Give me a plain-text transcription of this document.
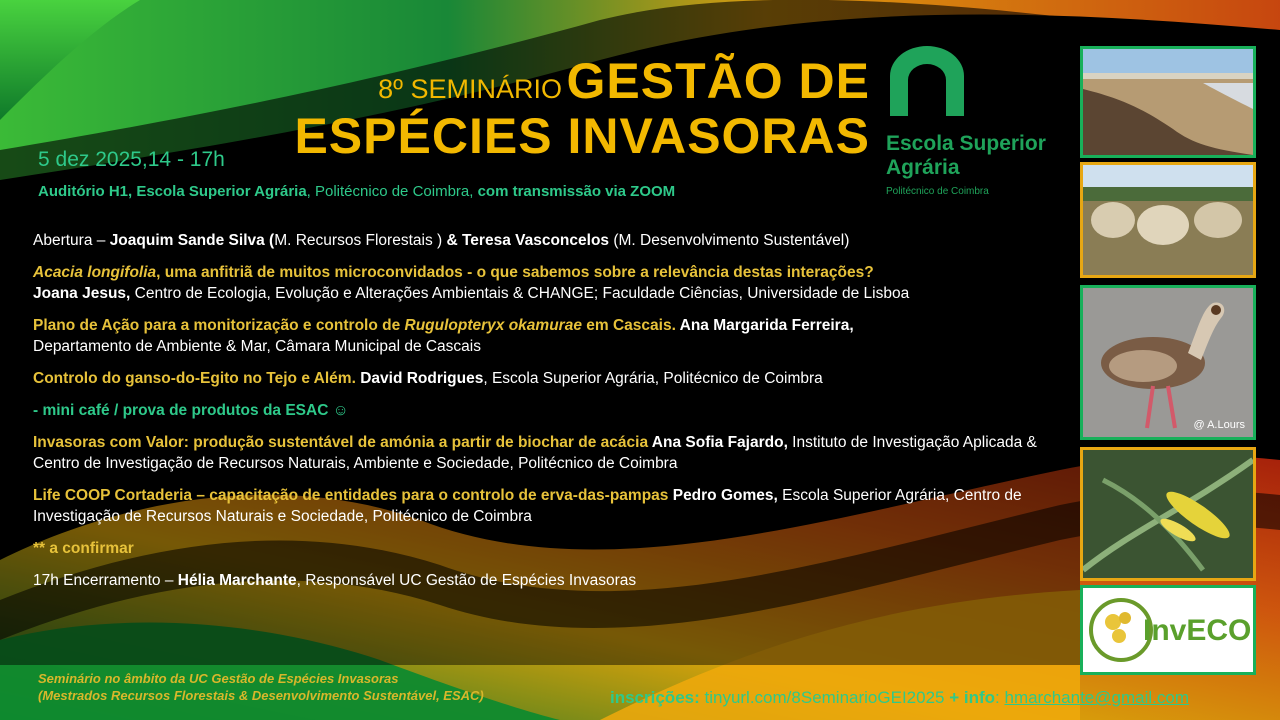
8º SEMINÁRIO GESTÃO DE
ESPÉCIES INVASORAS
5 dez 2025,14 - 17h
Auditório H1, Escola Superior Agrária, Politécnico de Coimbra, com transmissão via ZOOM
Escola Superior
Agrária
Politécnico de Coimbra
Abertura – Joaquim Sande Silva (M. Recursos Florestais ) & Teresa Vasconcelos (M. Desenvolvimento Sustentável)
Acacia longifolia, uma anfitriã de muitos microconvidados - o que sabemos sobre a relevância destas interações?
Joana Jesus, Centro de Ecologia, Evolução e Alterações Ambientais & CHANGE; Faculdade Ciências, Universidade de Lisboa
Plano de Ação para a monitorização e controlo de Rugulopteryx okamurae em Cascais. Ana Margarida Ferreira,
Departamento de Ambiente & Mar, Câmara Municipal de Cascais
Controlo do ganso-do-Egito no Tejo e Além. David Rodrigues, Escola Superior Agrária, Politécnico de Coimbra
- mini café / prova de produtos da ESAC ☺
Invasoras com Valor: produção sustentável de amónia a partir de biochar de acácia Ana Sofia Fajardo, Instituto de Investigação Aplicada & Centro de Investigação de Recursos Naturais, Ambiente e Sociedade, Politécnico de Coimbra
Life COOP Cortaderia – capacitação de entidades para o controlo de erva-das-pampas Pedro Gomes, Escola Superior Agrária, Centro de Investigação de Recursos Naturais e Sociedade, Politécnico de Coimbra
** a confirmar
17h Encerramento – Hélia Marchante, Responsável UC Gestão de Espécies Invasoras
Seminário no âmbito da UC Gestão de Espécies Invasoras
(Mestrados Recursos Florestais & Desenvolvimento Sustentável, ESAC)	inscrições: tinyurl.com/8SeminarioGEI2025 + info: hmarchante@gmail.com
@ A.Lours
InvECO
